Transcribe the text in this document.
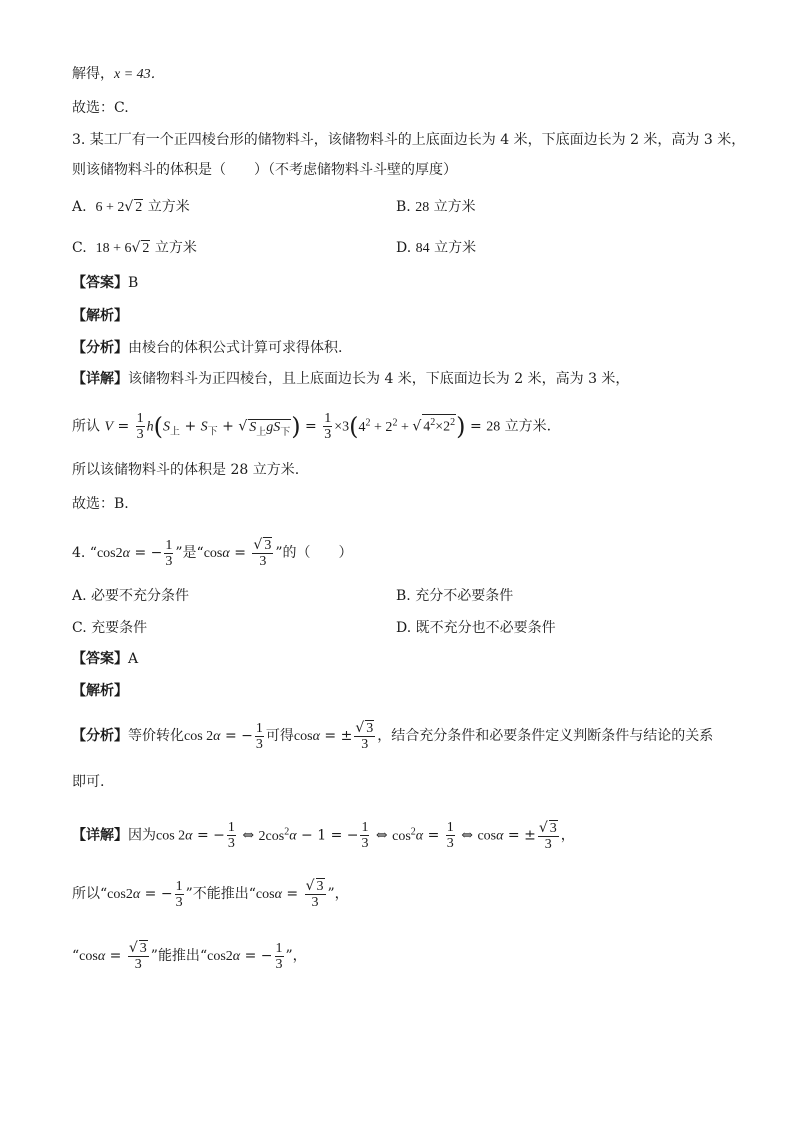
解得，x = 43．
故选：C.
3. 某工厂有一个正四棱台形的储物料斗，该储物料斗的上底面边长为 4 米，下底面边长为 2 米，高为 3 米，
则该储物料斗的体积是（　　）（不考虑储物料斗斗壁的厚度）
A. 6 + 2√ 2 立方米	B. 28 立方米
C. 18 + 6√ 2 立方米	D. 84 立方米
【答案】B
【解析】
【分析】由棱台的体积公式计算可求得体积.
【详解】该储物料斗为正四棱台，且上底面边长为 4 米，下底面边长为 2 米，高为 3 米，
所认 $V = \frac{1}{3} h(S_上 + S_下$ + √ $S_上gS_下) = \frac{1}{3} \times 3(4^2 + 2^2$ + √ $4^2\times 2^2) = 28$ 立方米.
所以该储物料斗的体积是 28 立方米.
故选：B.
4. “cos2α = − $\frac{1}{3}$ ”是“$\cos\alpha = \frac{√ 3}{3}$ ”的（　　）
A. 必要不充分条件	B. 充分不必要条件
C. 充要条件	D. 既不充分也不必要条件
【答案】A
【解析】
【分析】等价转化cos 2α = − $\frac{1}{3}$ 可得cosα = ± $\frac{√ 3}{3}$ ，结合充分条件和必要条件定义判断条件与结论的关系
即可.
【详解】因为cos 2α = − $\frac{1}{3}$ ⇔ $2\cos^2\alpha - 1$ = − $\frac{1}{3}$ ⇔ $\cos^2\alpha = \frac{1}{3}$ ⇔ cosα = ± $\frac{√ 3}{3}$ ，
所以“cos2α = − $\frac{1}{3}$ ”不能推出“$\cos\alpha = \frac{√ 3}{3}$ ”，
“$\cos\alpha = \frac{√ 3}{3}$ ”能推出“cos2α = − $\frac{1}{3}$ ”，
